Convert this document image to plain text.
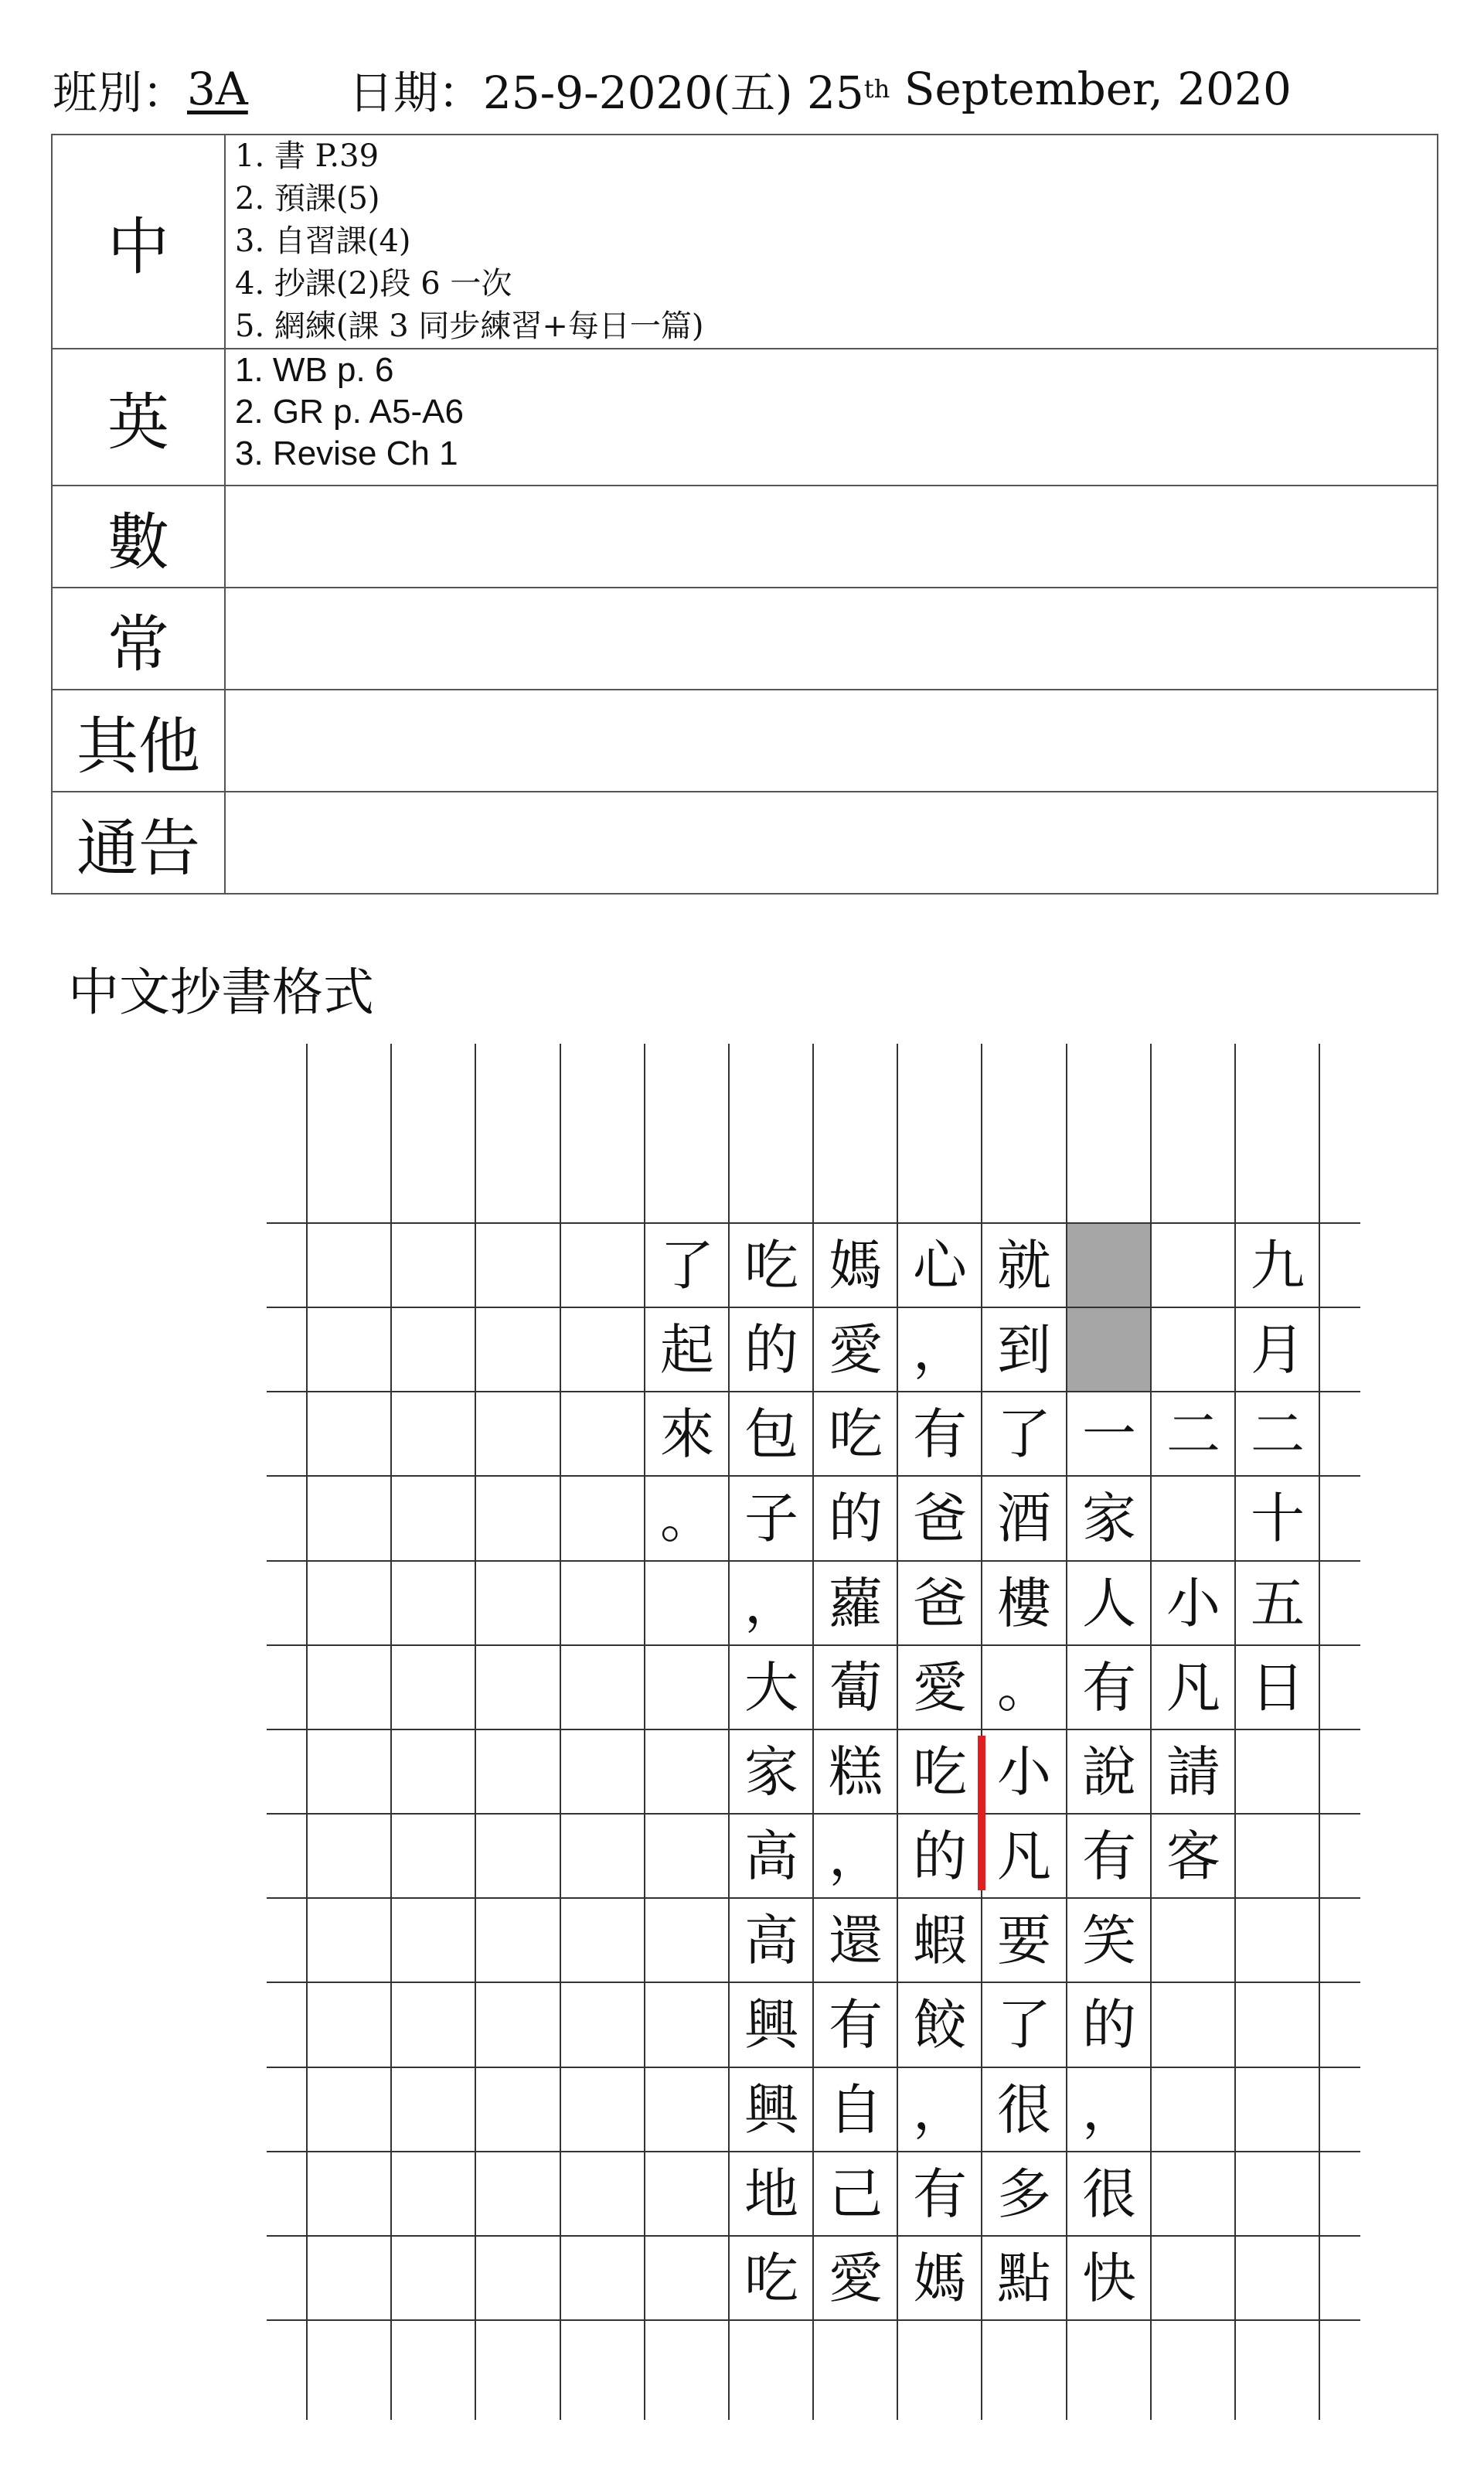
班別： 3A 日期： 25-9-2020(五) 25 th September, 2020
中	1. 書 P.39
2. 預課(5)
3. 自習課(4)
4. 抄課(2)段 6 一次
5. 網練(課 3 同步練習+每日一篇)

英	1. WB p. 6
2. GR p. A5-A6
3. Revise Ch 1

數	
常	
其他	
通告	
中文抄書格式
九
月
二
十
五
日
二
小
凡
請
客
一
家
人
有
說
有
笑
的
，
很
快
就
到
了
酒
樓
。
小
凡
要
了
很
多
點
心
，
有
爸
爸
愛
吃
的
蝦
餃
，
有
媽
媽
愛
吃
的
蘿
蔔
糕
，
還
有
自
己
愛
吃
的
包
子
，
大
家
高
高
興
興
地
吃
了
起
來
。
